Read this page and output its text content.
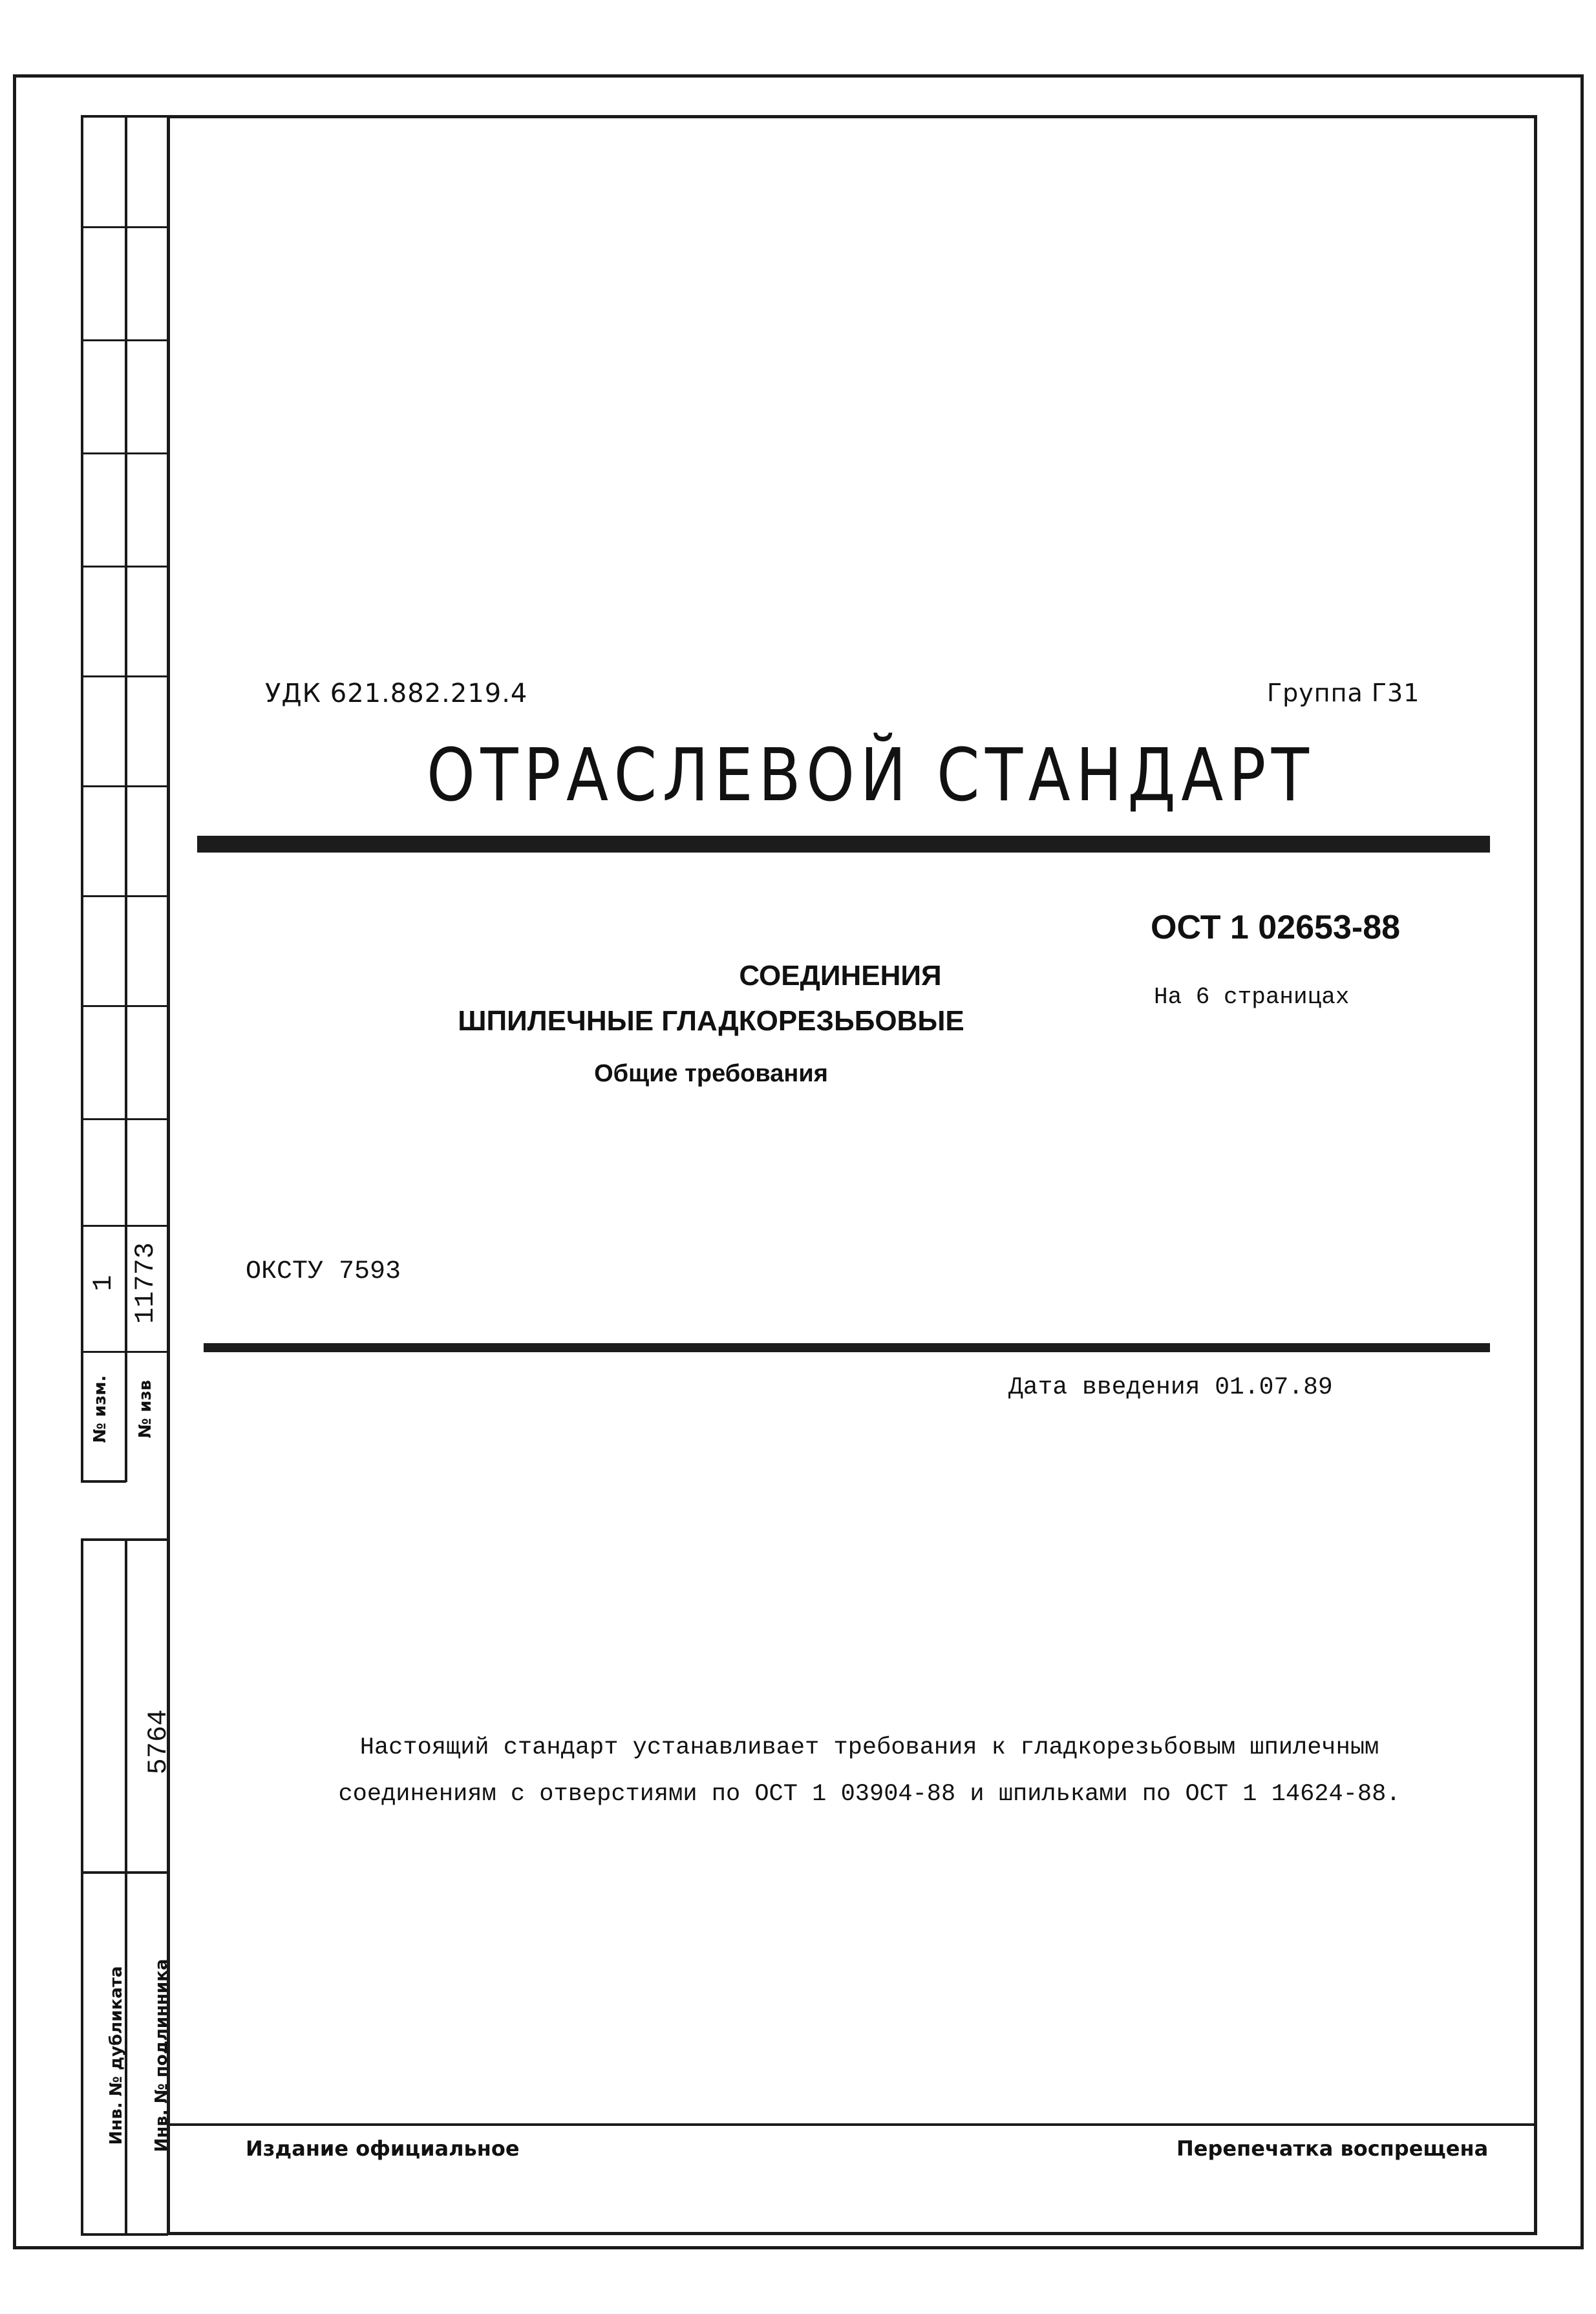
№ изм.
1
№ изв
11773
Инв. № дубликата Инв. № подлинника
5764
УДК 621.882.219.4	Группа Г31
ОТРАСЛЕВОЙ СТАНДАРТ
ОСТ 1 02653-88
На 6 страницах
СОЕДИНЕНИЯ
ШПИЛЕЧНЫЕ ГЛАДКОРЕЗЬБОВЫЕ
Общие требования
ОКСТУ 7593
Дата введения 01.07.89
Настоящий стандарт устанавливает требования к гладкорезьбовым шпилечным
соединениям с отверстиями по ОСТ 1 03904-88 и шпильками по ОСТ 1 14624-88.
Издание официальное	Перепечатка воспрещена
